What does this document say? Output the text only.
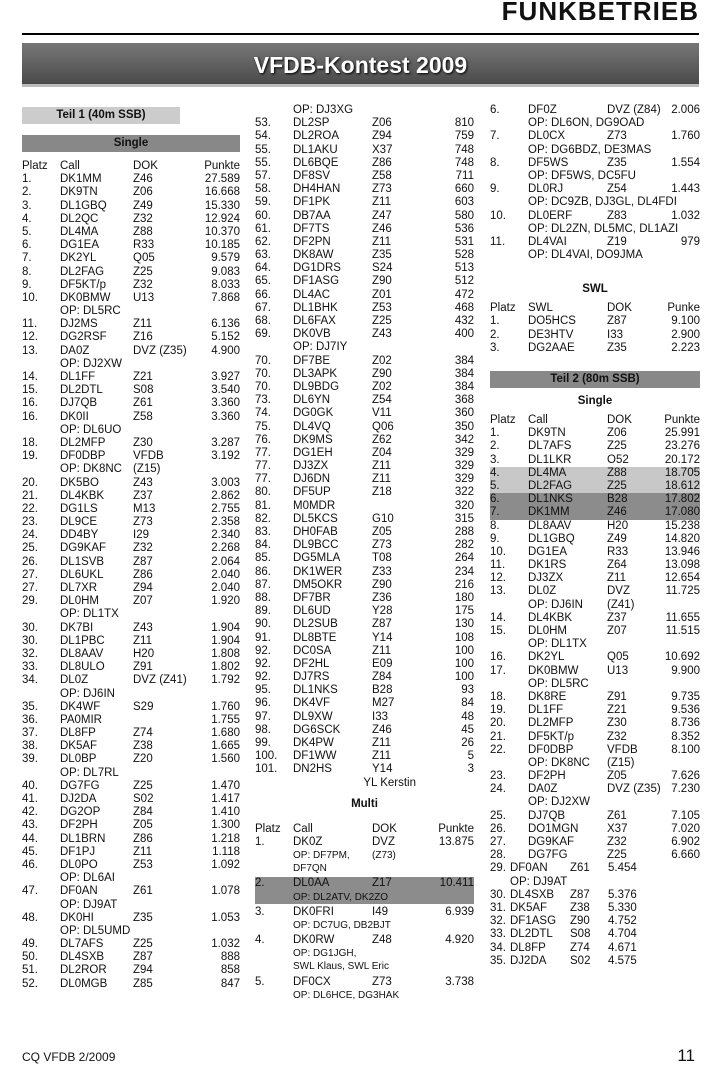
FUNKBETRIEB
VFDB-Kontest 2009
Teil 1 (40m SSB)
Single
Platz Call	DOK	Punkte
1. DK1MM	Z46	27.589
2. DK9TN	Z06	16.668
3. DL1GBQ Z49	15.330
4. DL2QC	Z32	12.924
5. DL4MA	Z88	10.370
6. DG1EA	R33	10.185
7. DK2YL	Q05	9.579
8. DL2FAG	Z25	9.083
9. DF5KT/p Z32	8.033
10. DK0BMW U13	7.868
OP: DL5RC
11. DJ2MS	Z11	6.136
12. DG2RSF Z16	5.152
13. DA0Z	DVZ (Z35) 4.900
OP: DJ2XW
14. DL1FF	Z21	3.927
15. DL2DTL	S08	3.540
16. DJ7QB	Z61	3.360
16. DK0II	Z58	3.360
OP: DL6UO
18. DL2MFP Z30	3.287
19. DF0DBP VFDB	3.192
OP: DK8NC (Z15)
20. DK5BO	Z43	3.003
21. DL4KBK	Z37	2.862
22. DG1LS	M13	2.755
23. DL9CE	Z73	2.358
24. DD4BY	I29	2.340
25. DG9KAF Z32	2.268
26. DL1SVB	Z87	2.064
27. DL6UKL	Z86	2.040
27. DL7XR	Z94	2.040
29. DL0HM	Z07	1.920
OP: DL1TX
30. DK7BI	Z43	1.904
30. DL1PBC Z11	1.904
32. DL8AAV	H20	1.808
33. DL8ULO Z91	1.802
34. DL0Z	DVZ (Z41) 1.792
OP: DJ6IN
35. DK4WF	S29	1.760
36. PA0MIR	1.755
37. DL8FP	Z74	1.680
38. DK5AF	Z38	1.665
39. DL0BP	Z20	1.560
OP: DL7RL
40. DG7FG	Z25	1.470
41. DJ2DA	S02	1.417
42. DG2OP	Z84	1.410
43. DF2PH	Z05	1.300
44. DL1BRN Z86	1.218
45. DF1PJ	Z11	1.118
46. DL0PO	Z53	1.092
OP: DL6AI
47. DF0AN	Z61	1.078
OP: DJ9AT
48. DK0HI	Z35	1.053
OP: DL5UMD
49. DL7AFS	Z25	1.032
50. DL4SXB	Z87	888
51. DL2ROR Z94	858
52. DL0MGB Z85	847
OP: DJ3XG
53. DL2SP	Z06	810
54. DL2ROA	Z94	759
55. DL1AKU	X37	748
55. DL6BQE	Z86	748
57. DF8SV	Z58	711
58. DH4HAN	Z73	660
59. DF1PK	Z11	603
60. DB7AA	Z47	580
61. DF7TS	Z46	536
62. DF2PN	Z11	531
63. DK8AW	Z35	528
64. DG1DRS	S24	513
65. DF1ASG	Z90	512
66. DL4AC	Z01	472
67. DL1BHK	Z53	468
68. DL6FAX	Z25	432
69. DK0VB	Z43	400
OP: DJ7IY
70. DF7BE	Z02	384
70. DL3APK	Z90	384
70. DL9BDG	Z02	384
73. DL6YN	Z54	368
74. DG0GK	V11	360
75. DL4VQ	Q06	350
76. DK9MS	Z62	342
77. DG1EH	Z04	329
77. DJ3ZX	Z11	329
77. DJ6DN	Z11	329
80. DF5UP	Z18	322
81. M0MDR	320
82. DL5KCS	G10	315
83. DH0FAB	Z05	288
84. DL9BCC	Z73	282
85. DG5MLA	T08	264
86. DK1WER	Z33	234
87. DM5OKR	Z90	216
88. DF7BR	Z36	180
89. DL6UD	Y28	175
90. DL2SUB	Z87	130
91. DL8BTE	Y14	108
92. DC0SA	Z11	100
92. DF2HL	E09	100
92. DJ7RS	Z84	100
95. DL1NKS	B28	93
96. DK4VF	M27	84
97. DL9XW	I33	48
98. DG6SCK	Z46	45
99. DK4PW	Z11	26
100. DF1WW	Z11	5
101. DN2HS	Y14	3
YL Kerstin
Multi
Platz Call	DOK	Punkte
1. DK0Z	DVZ	13.875
OP: DF7PM, (Z73)
DF7QN
2. DL0AA	Z17	10.411
OP: DL2ATV, DK2ZO
3. DK0FRI	I49	6.939
OP: DC7UG, DB2BJT
4. DK0RW	Z48	4.920
OP: DG1JGH,
SWL Klaus, SWL Eric
5. DF0CX	Z73	3.738
OP: DL6HCE, DG3HAK
6. DF0Z	DVZ (Z84) 2.006
OP: DL6ON, DG9OAD
7. DL0CX	Z73	1.760
OP: DG6BDZ, DE3MAS
8. DF5WS	Z35	1.554
OP: DF5WS, DC5FU
9. DL0RJ	Z54	1.443
OP: DC9ZB, DJ3GL, DL4FDI
10. DL0ERF	Z83	1.032
OP: DL2ZN, DL5MC, DL1AZI
11. DL4VAI	Z19	979
OP: DL4VAI, DO9JMA
SWL
Platz SWL	DOK	Punke
1. DO5HCS	Z87	9.100
2. DE3HTV	I33	2.900
3. DG2AAE	Z35	2.223
Teil 2 (80m SSB)
Single
Platz Call	DOK	Punkte
1. DK9TN	Z06	25.991
2. DL7AFS	Z25	23.276
3. DL1LKR	O52	20.172
4. DL4MA	Z88	18.705
5. DL2FAG	Z25	18.612
6. DL1NKS	B28	17.802
7. DK1MM	Z46	17.080
8. DL8AAV	H20	15.238
9. DL1GBQ	Z49	14.820
10. DG1EA	R33	13.946
11. DK1RS	Z64	13.098
12. DJ3ZX	Z11	12.654
13. DL0Z	DVZ	11.725
OP: DJ6IN (Z41)
14. DL4KBK	Z37	11.655
15. DL0HM	Z07	11.515
OP: DL1TX
16. DK2YL	Q05	10.692
17. DK0BMW U13	9.900
OP: DL5RC
18. DK8RE	Z91	9.735
19. DL1FF	Z21	9.536
20. DL2MFP	Z30	8.736
21. DF5KT/p	Z32	8.352
22. DF0DBP	VFDB	8.100
OP: DK8NC (Z15)
23. DF2PH	Z05	7.626
24. DA0Z	DVZ (Z35) 7.230
OP: DJ2XW
25. DJ7QB	Z61	7.105
26. DO1MGN X37	7.020
27. DG9KAF	Z32	6.902
28. DG7FG	Z25	6.660
29. DF0AN Z61 5.454
OP: DJ9AT
30. DL4SXB Z87 5.376
31. DK5AF Z38 5.330
32. DF1ASG Z90 4.752
33. DL2DTL S08 4.704
34. DL8FP Z74 4.671
35. DJ2DA S02 4.575
CQ VFDB 2/2009	11
